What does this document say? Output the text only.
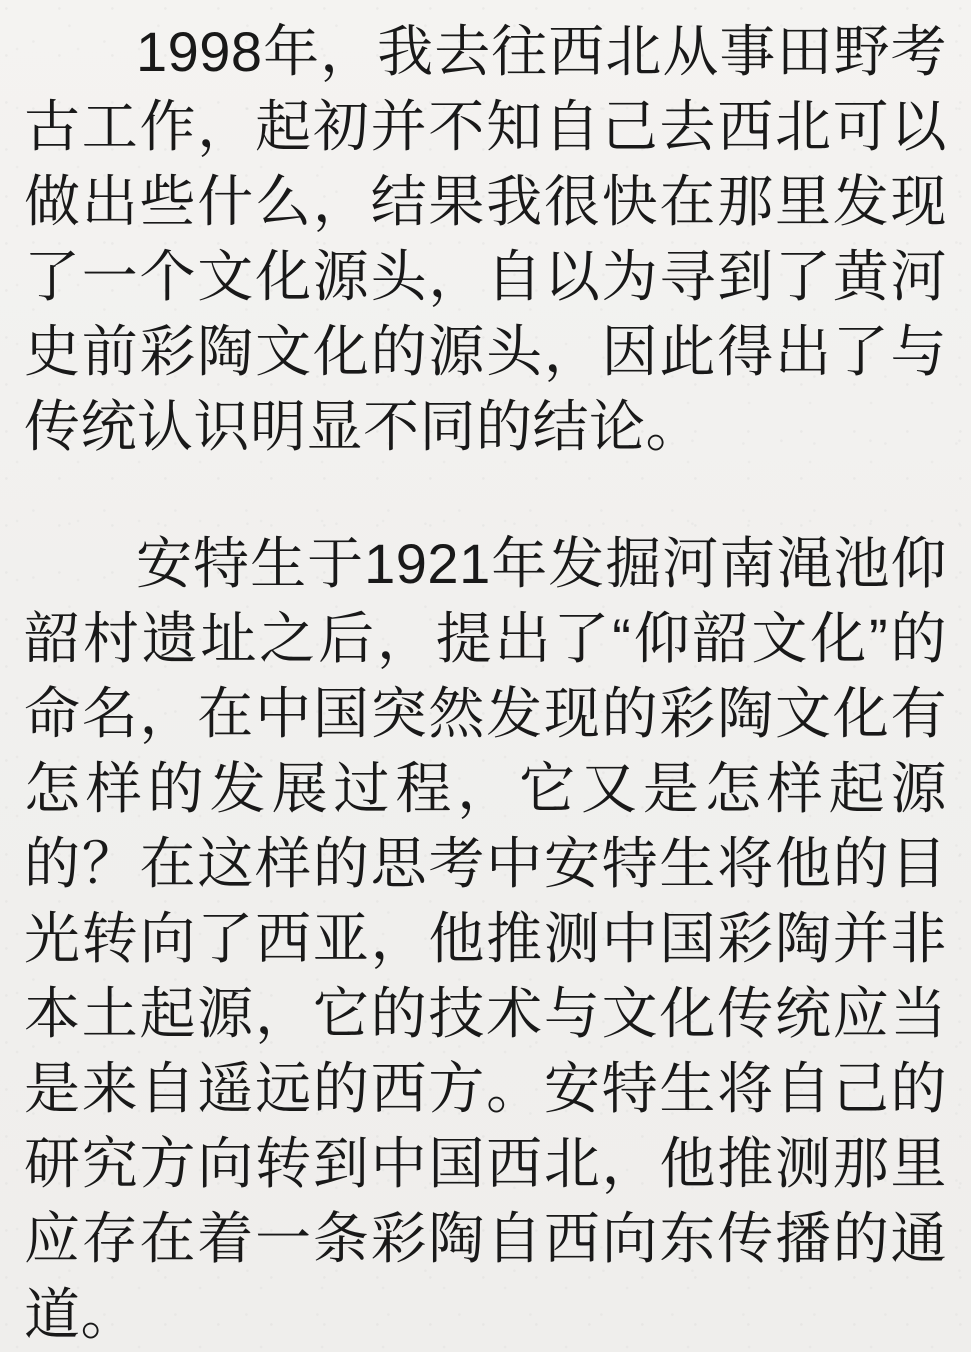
1998年，我去往西北从事田野考古工作，起初并不知自己去西北可以做出些什么，结果我很快在那里发现了一个文化源头，自以为寻到了黄河史前彩陶文化的源头，因此得出了与传统认识明显不同的结论。

安特生于1921年发掘河南渑池仰韶村遗址之后，提出了“仰韶文化”的命名，在中国突然发现的彩陶文化有怎样的发展过程，它又是怎样起源的？在这样的思考中安特生将他的目光转向了西亚，他推测中国彩陶并非本土起源，它的技术与文化传统应当是来自遥远的西方。安特生将自己的研究方向转到中国西北，他推测那里应存在着一条彩陶自西向东传播的通道。
